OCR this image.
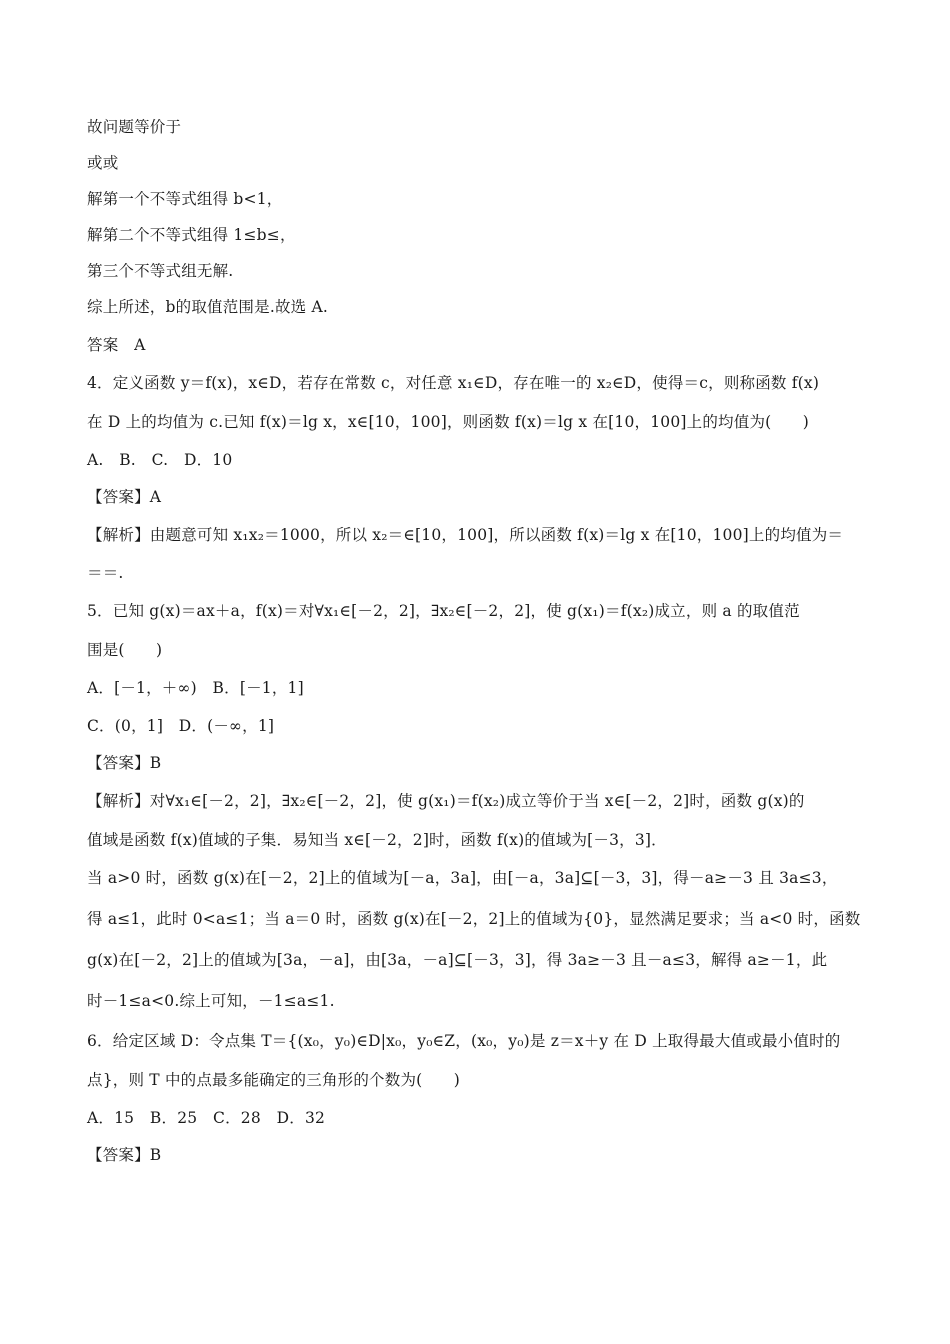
故问题等价于
或或
解第一个不等式组得 b<1，
解第二个不等式组得 1≤b≤，
第三个不等式组无解.
综上所述，b的取值范围是.故选 A.
答案　A
4．定义函数 y＝f(x)，x∈D，若存在常数 c，对任意 x₁∈D，存在唯一的 x₂∈D，使得＝c，则称函数 f(x)
在 D 上的均值为 c.已知 f(x)＝lg x，x∈[10，100]，则函数 f(x)＝lg x 在[10，100]上的均值为(　　)
A.　B.　C.　D．10
【答案】A
【解析】由题意可知 x₁x₂＝1000，所以 x₂＝∈[10，100]，所以函数 f(x)＝lg x 在[10，100]上的均值为＝
＝＝.
5．已知 g(x)＝ax＋a，f(x)＝对∀x₁∈[－2，2]，∃x₂∈[－2，2]，使 g(x₁)＝f(x₂)成立，则 a 的取值范
围是(　　)
A．[－1，＋∞)　B．[－1，1]
C．(0，1]　D．(－∞，1]
【答案】B
【解析】对∀x₁∈[－2，2]，∃x₂∈[－2，2]，使 g(x₁)＝f(x₂)成立等价于当 x∈[－2，2]时，函数 g(x)的
值域是函数 f(x)值域的子集．易知当 x∈[－2，2]时，函数 f(x)的值域为[－3，3]．
当 a>0 时，函数 g(x)在[－2，2]上的值域为[－a，3a]，由[－a，3a]⊆[－3，3]，得－a≥－3 且 3a≤3，
得 a≤1，此时 0<a≤1；当 a＝0 时，函数 g(x)在[－2，2]上的值域为{0}，显然满足要求；当 a<0 时，函数
g(x)在[－2，2]上的值域为[3a，－a]，由[3a，－a]⊆[－3，3]，得 3a≥－3 且－a≤3，解得 a≥－1，此
时－1≤a<0.综上可知，－1≤a≤1.
6．给定区域 D：令点集 T＝{(x₀，y₀)∈D|x₀，y₀∈Z，(x₀，y₀)是 z＝x＋y 在 D 上取得最大值或最小值时的
点}，则 T 中的点最多能确定的三角形的个数为(　　)
A．15　B．25　C．28　D．32
【答案】B
